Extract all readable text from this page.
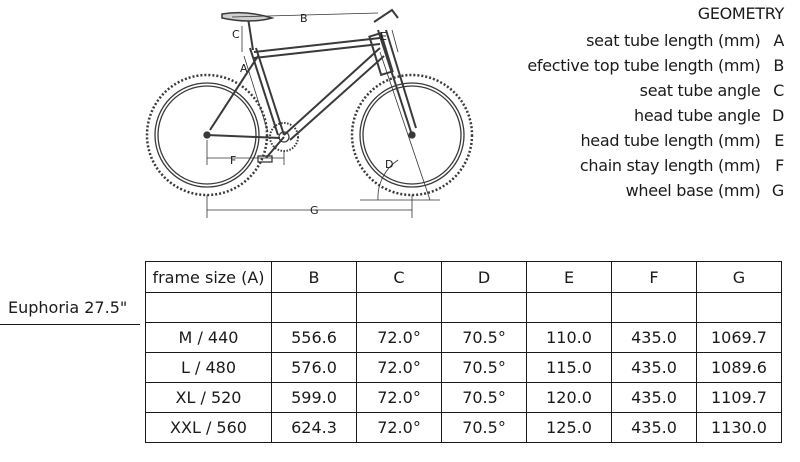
B
C
A
E
D
F
G
GEOMETRY
seat tube length (mm) A
efective top tube length (mm) B
seat tube angle C
head tube angle D
head tube length (mm) E
chain stay length (mm) F
wheel base (mm) G
Euphoria 27.5"
frame size (A)	B	C	D	E	F	G

M / 440	556.6	72.0°	70.5°	110.0	435.0	1069.7
L / 480	576.0	72.0°	70.5°	115.0	435.0	1089.6
XL / 520	599.0	72.0°	70.5°	120.0	435.0	1109.7
XXL / 560	624.3	72.0°	70.5°	125.0	435.0	1130.0
